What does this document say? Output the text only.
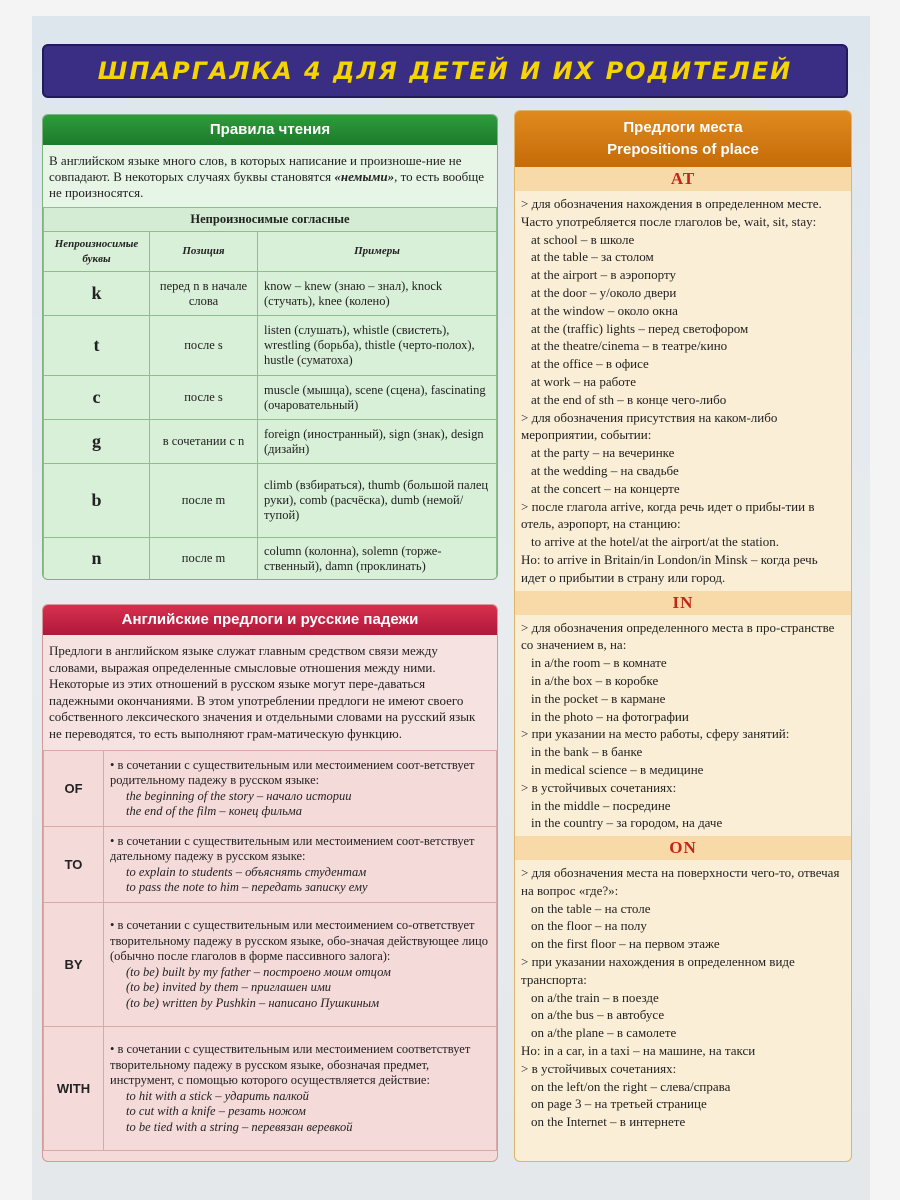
ШПАРГАЛКА 4 ДЛЯ ДЕТЕЙ И ИХ РОДИТЕЛЕЙ
Правила чтения
В английском языке много слов, в которых написание и произноше-ние не совпадают. В некоторых случаях буквы становятся «немыми», то есть вообще не произносятся.
Непроизносимые согласные		
Непроизносимые буквы	Позиция	Примеры
k	перед n в начале слова	know – knew (знаю – знал), knock (стучать), knee (колено)
t	после s	listen (слушать), whistle (свистеть), wrestling (борьба), thistle (черто-полох), hustle (суматоха)
c	после s	muscle (мышца), scene (сцена), fascinating (очаровательный)
g	в сочетании с n	foreign (иностранный), sign (знак), design (дизайн)
b	после m	climb (взбираться), thumb (большой палец руки), comb (расчёска), dumb (немой/тупой)
n	после m	column (колонна), solemn (торже-ственный), damn (проклинать)
Английские предлоги и русские падежи
Предлоги в английском языке служат главным средством связи между словами, выражая определенные смысловые отношения между ними. Некоторые из этих отношений в русском языке могут пере-даваться падежными окончаниями. В этом употреблении предлоги не имеют своего собственного лексического значения и отдельными словами на русский язык не переводятся, то есть выполняют грам-матическую функцию.
OF	• в сочетании с существительным или местоимением соот-ветствует родительному падежу в русском языке:
the beginning of the story – начало истории
the end of the film – конец фильма

TO	• в сочетании с существительным или местоимением соот-ветствует дательному падежу в русском языке:
to explain to students – объяснять студентам
to pass the note to him – передать записку ему

BY	• в сочетании с существительным или местоимением со-ответствует творительному падежу в русском языке, обо-значая действующее лицо (обычно после глаголов в форме пассивного залога):
(to be) built by my father – построено моим отцом
(to be) invited by them – приглашен ими
(to be) written by Pushkin – написано Пушкиным

WITH	• в сочетании с существительным или местоимением соответствует творительному падежу в русском языке, обозначая предмет, инструмент, с помощью которого осуществляется действие:
to hit with a stick – ударить палкой
to cut with a knife – резать ножом
to be tied with a string – перевязан веревкой
Предлоги места
Prepositions of place
AT
> для обозначения нахождения в определенном месте. Часто употребляется после глаголов be, wait, sit, stay:
at school – в школе
at the table – за столом
at the airport – в аэропорту
at the door – у/около двери
at the window – около окна
at the (traffic) lights – перед светофором
at the theatre/cinema – в театре/кино
at the office – в офисе
at work – на работе
at the end of sth – в конце чего-либо
> для обозначения присутствия на каком-либо мероприятии, событии:
at the party – на вечеринке
at the wedding – на свадьбе
at the concert – на концерте
> после глагола arrive, когда речь идет о прибы-тии в отель, аэропорт, на станцию:
to arrive at the hotel/at the airport/at the station.
Но: to arrive in Britain/in London/in Minsk – когда речь идет о прибытии в страну или город.
IN
> для обозначения определенного места в про-странстве со значением в, на:
in a/the room – в комнате
in a/the box – в коробке
in the pocket – в кармане
in the photo – на фотографии
> при указании на место работы, сферу занятий:
in the bank – в банке
in medical science – в медицине
> в устойчивых сочетаниях:
in the middle – посредине
in the country – за городом, на даче
ON
> для обозначения места на поверхности чего-то, отвечая на вопрос «где?»:
on the table – на столе
on the floor – на полу
on the first floor – на первом этаже
> при указании нахождения в определенном виде транспорта:
on a/the train – в поезде
on a/the bus – в автобусе
on a/the plane – в самолете
Но: in a car, in a taxi – на машине, на такси
> в устойчивых сочетаниях:
on the left/on the right – слева/справа
on page 3 – на третьей странице
on the Internet – в интернете
